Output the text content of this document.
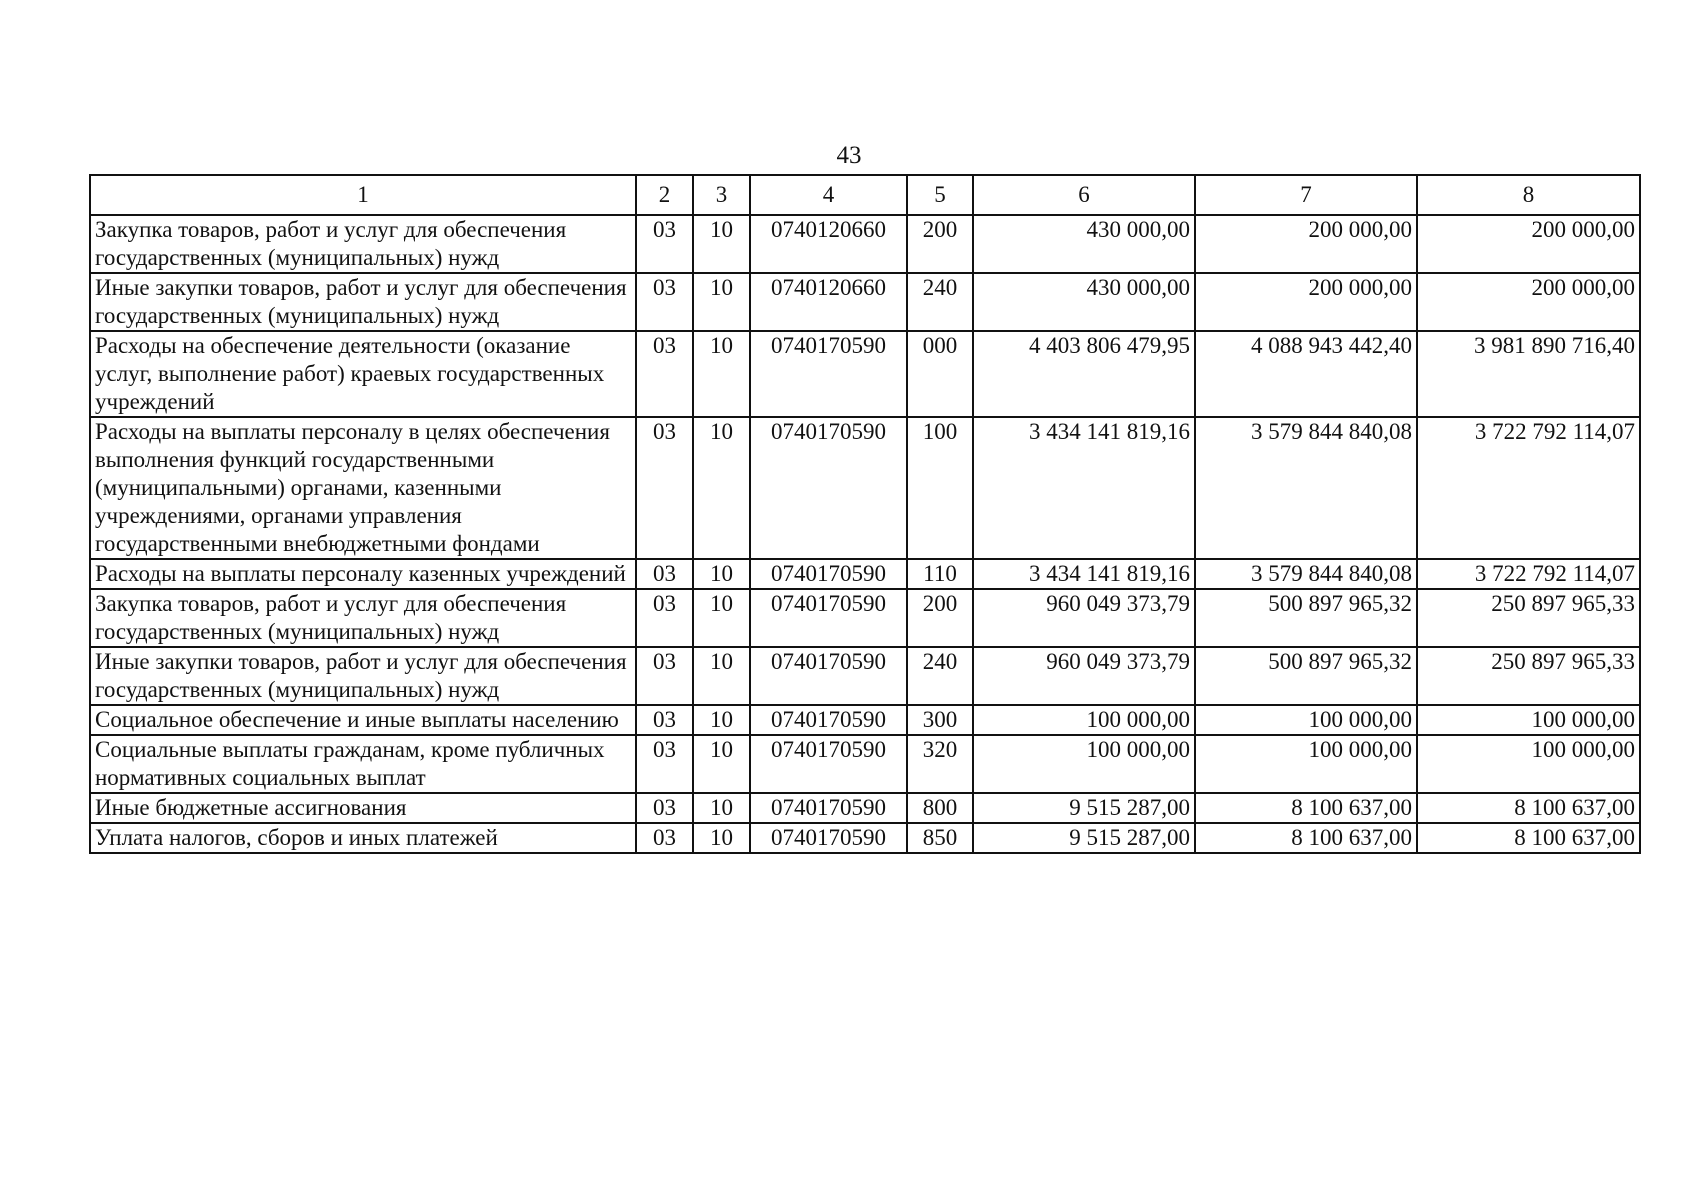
43
1	2	3	4	5	6	7	8
Закупка товаров, работ и услуг для обеспечения государственных (муниципальных) нужд	03	10	0740120660	200	430 000,00	200 000,00	200 000,00
Иные закупки товаров, работ и услуг для обеспечения государственных (муниципальных) нужд	03	10	0740120660	240	430 000,00	200 000,00	200 000,00
Расходы на обеспечение деятельности (оказание услуг, выполнение работ) краевых государственных учреждений	03	10	0740170590	000	4 403 806 479,95	4 088 943 442,40	3 981 890 716,40
Расходы на выплаты персоналу в целях обеспечения выполнения функций государственными (муниципальными) органами, казенными учреждениями, органами управления государственными внебюджетными фондами	03	10	0740170590	100	3 434 141 819,16	3 579 844 840,08	3 722 792 114,07
Расходы на выплаты персоналу казенных учреждений	03	10	0740170590	110	3 434 141 819,16	3 579 844 840,08	3 722 792 114,07
Закупка товаров, работ и услуг для обеспечения государственных (муниципальных) нужд	03	10	0740170590	200	960 049 373,79	500 897 965,32	250 897 965,33
Иные закупки товаров, работ и услуг для обеспечения государственных (муниципальных) нужд	03	10	0740170590	240	960 049 373,79	500 897 965,32	250 897 965,33
Социальное обеспечение и иные выплаты населению	03	10	0740170590	300	100 000,00	100 000,00	100 000,00
Социальные выплаты гражданам, кроме публичных нормативных социальных выплат	03	10	0740170590	320	100 000,00	100 000,00	100 000,00
Иные бюджетные ассигнования	03	10	0740170590	800	9 515 287,00	8 100 637,00	8 100 637,00
Уплата налогов, сборов и иных платежей	03	10	0740170590	850	9 515 287,00	8 100 637,00	8 100 637,00
